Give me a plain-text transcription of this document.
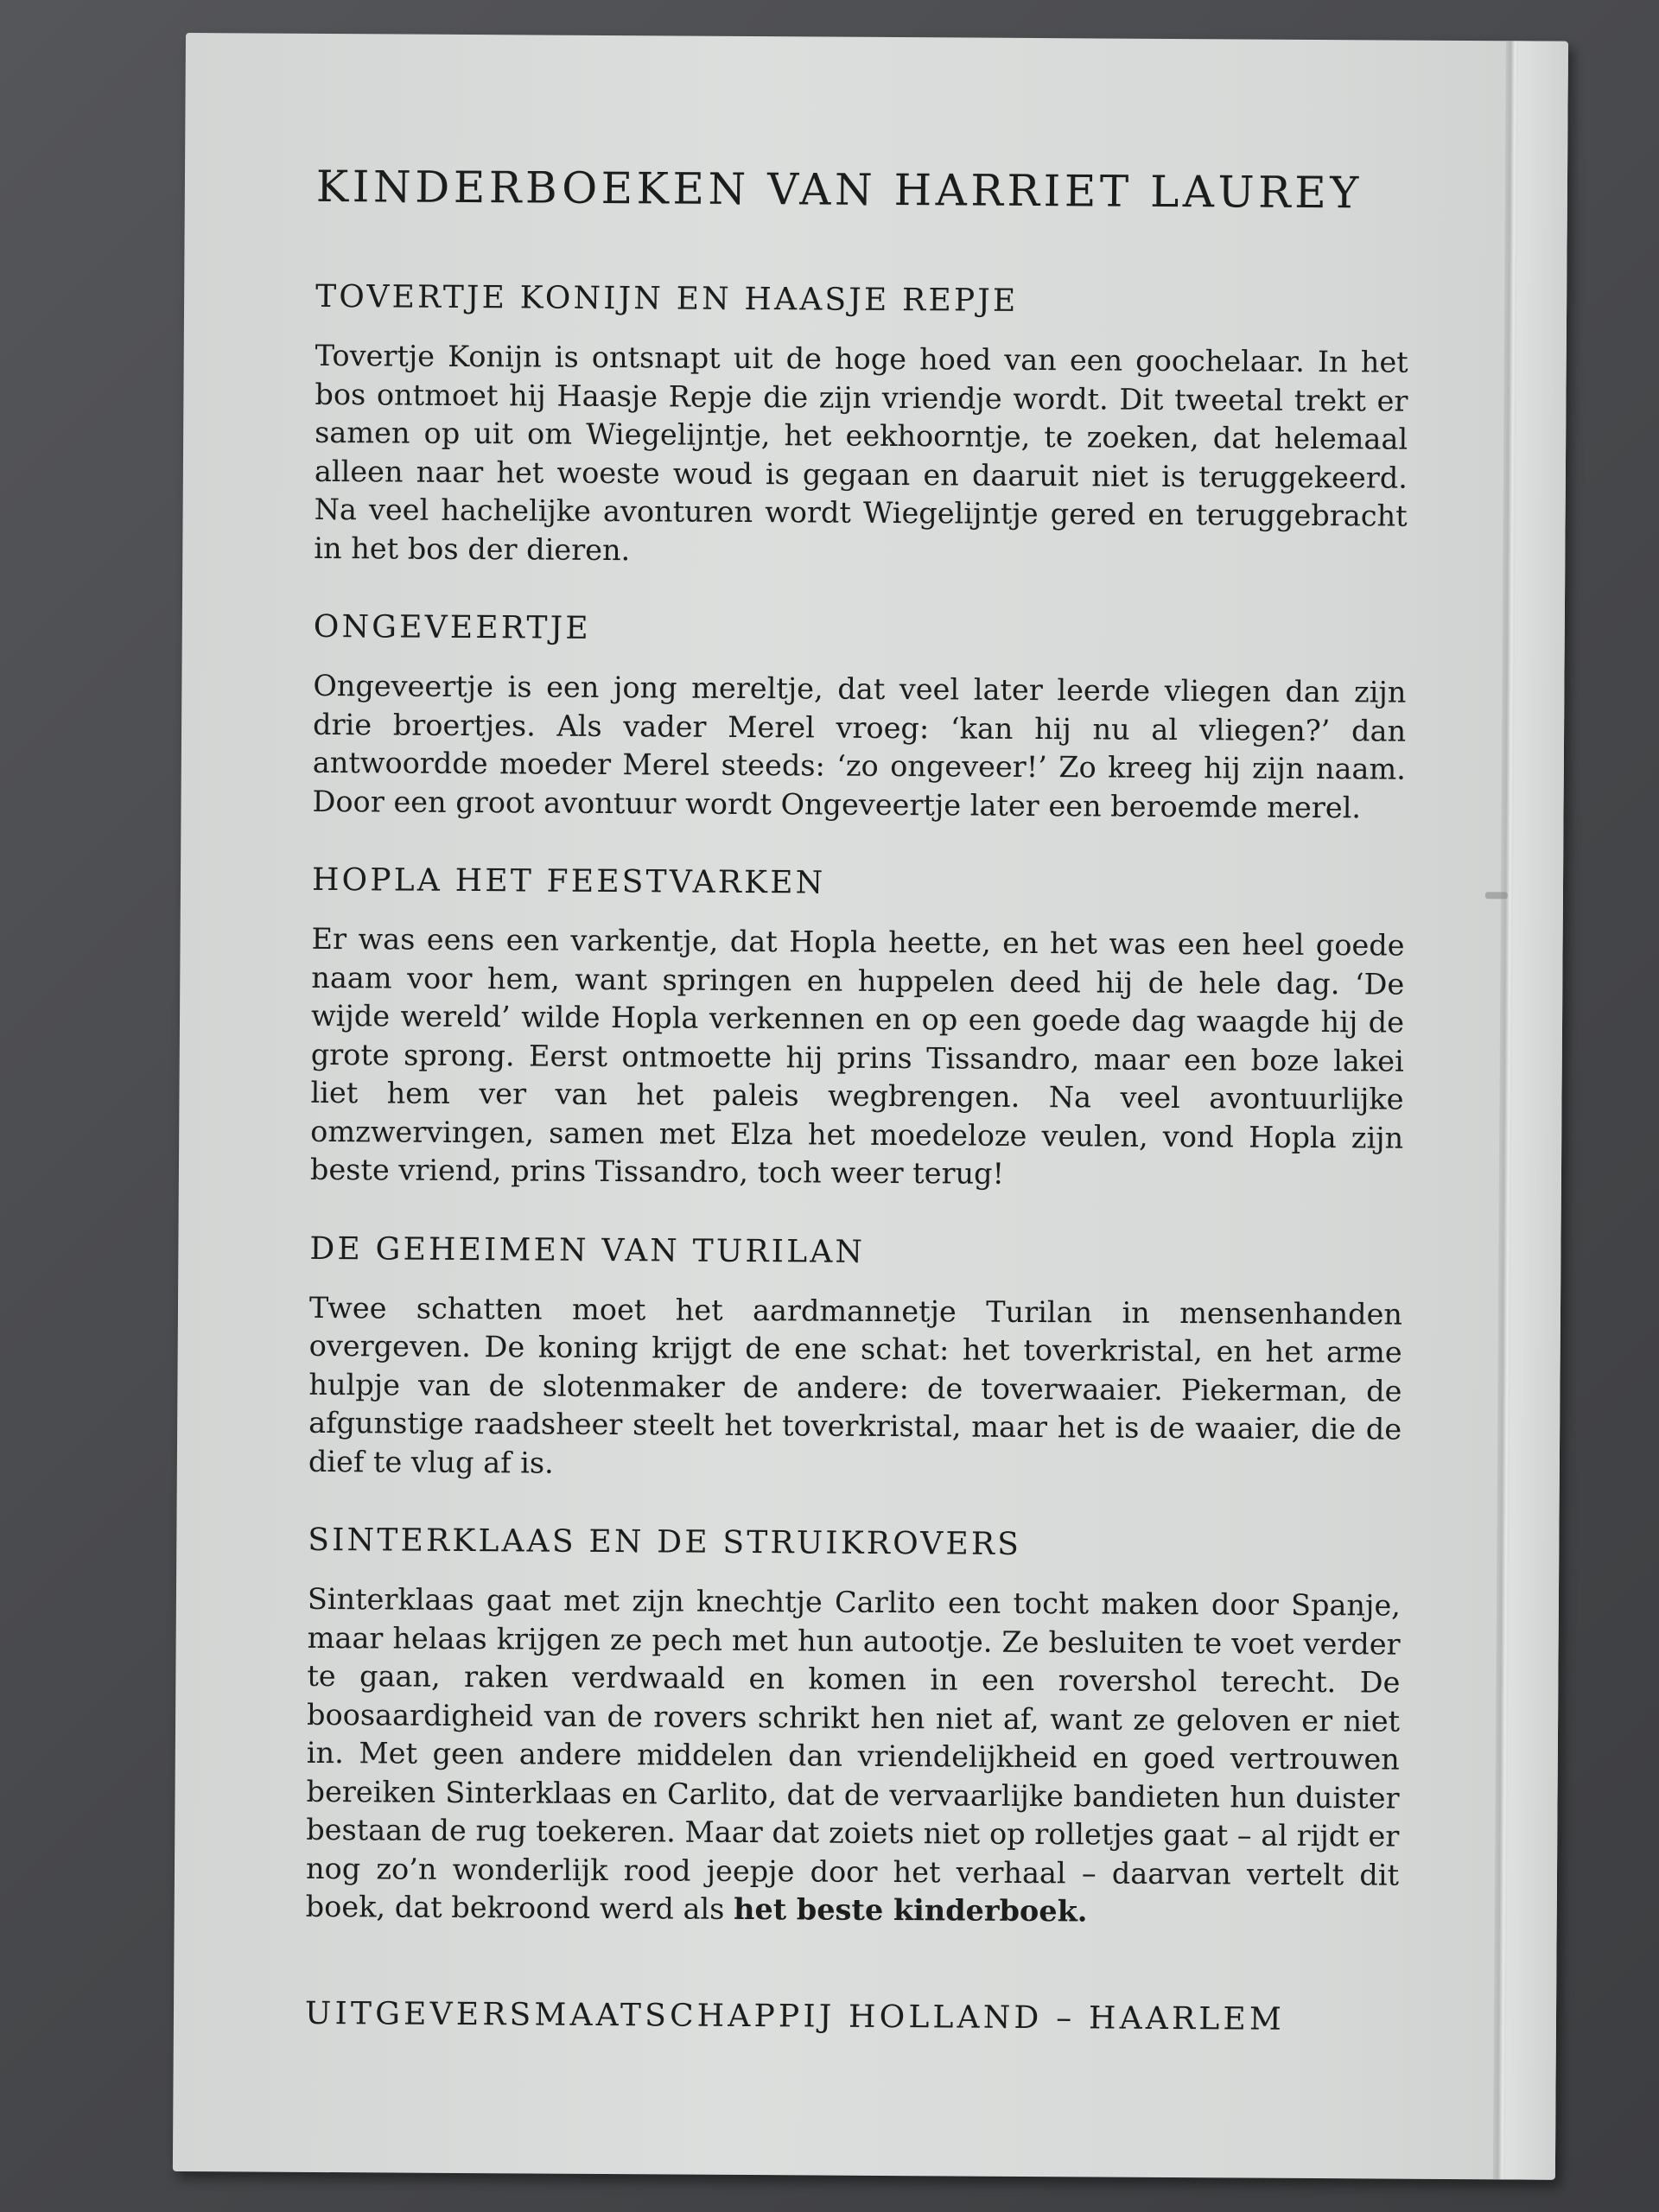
KINDERBOEKEN VAN HARRIET LAUREY
TOVERTJE KONIJN EN HAASJE REPJE
Tovertje Konijn is ontsnapt uit de hoge hoed van een goochelaar. In het bos ontmoet hij Haasje Repje die zijn vriendje wordt. Dit tweetal trekt er samen op uit om Wiegelijntje, het eekhoorntje, te zoeken, dat helemaal alleen naar het woeste woud is gegaan en daaruit niet is teruggekeerd. Na veel hachelijke avonturen wordt Wiegelijntje gered en teruggebracht in het bos der dieren.
ONGEVEERTJE
Ongeveertje is een jong mereltje, dat veel later leerde vliegen dan zijn drie broertjes. Als vader Merel vroeg: ‘kan hij nu al vliegen?’ dan antwoordde moeder Merel steeds: ‘zo ongeveer!’ Zo kreeg hij zijn naam. Door een groot avontuur wordt Ongeveertje later een beroemde merel.
HOPLA HET FEESTVARKEN
Er was eens een varkentje, dat Hopla heette, en het was een heel goede naam voor hem, want springen en huppelen deed hij de hele dag. ‘De wijde wereld’ wilde Hopla verkennen en op een goede dag waagde hij de grote sprong. Eerst ontmoette hij prins Tissandro, maar een boze lakei liet hem ver van het paleis wegbrengen. Na veel avontuurlijke omzwervingen, samen met Elza het moedeloze veulen, vond Hopla zijn beste vriend, prins Tissandro, toch weer terug!
DE GEHEIMEN VAN TURILAN
Twee schatten moet het aardmannetje Turilan in mensenhanden overgeven. De koning krijgt de ene schat: het toverkristal, en het arme hulpje van de slotenmaker de andere: de toverwaaier. Piekerman, de afgunstige raadsheer steelt het toverkristal, maar het is de waaier, die de dief te vlug af is.
SINTERKLAAS EN DE STRUIKROVERS
Sinterklaas gaat met zijn knechtje Carlito een tocht maken door Spanje, maar helaas krijgen ze pech met hun autootje. Ze besluiten te voet verder te gaan, raken verdwaald en komen in een rovershol terecht. De boosaardigheid van de rovers schrikt hen niet af, want ze geloven er niet in. Met geen andere middelen dan vriendelijkheid en goed vertrouwen bereiken Sinterklaas en Carlito, dat de vervaarlijke bandieten hun duister bestaan de rug toekeren. Maar dat zoiets niet op rolletjes gaat – al rijdt er nog zo’n wonderlijk rood jeepje door het verhaal – daarvan vertelt dit boek, dat bekroond werd als het beste kinderboek.
UITGEVERSMAATSCHAPPIJ HOLLAND – HAARLEM
